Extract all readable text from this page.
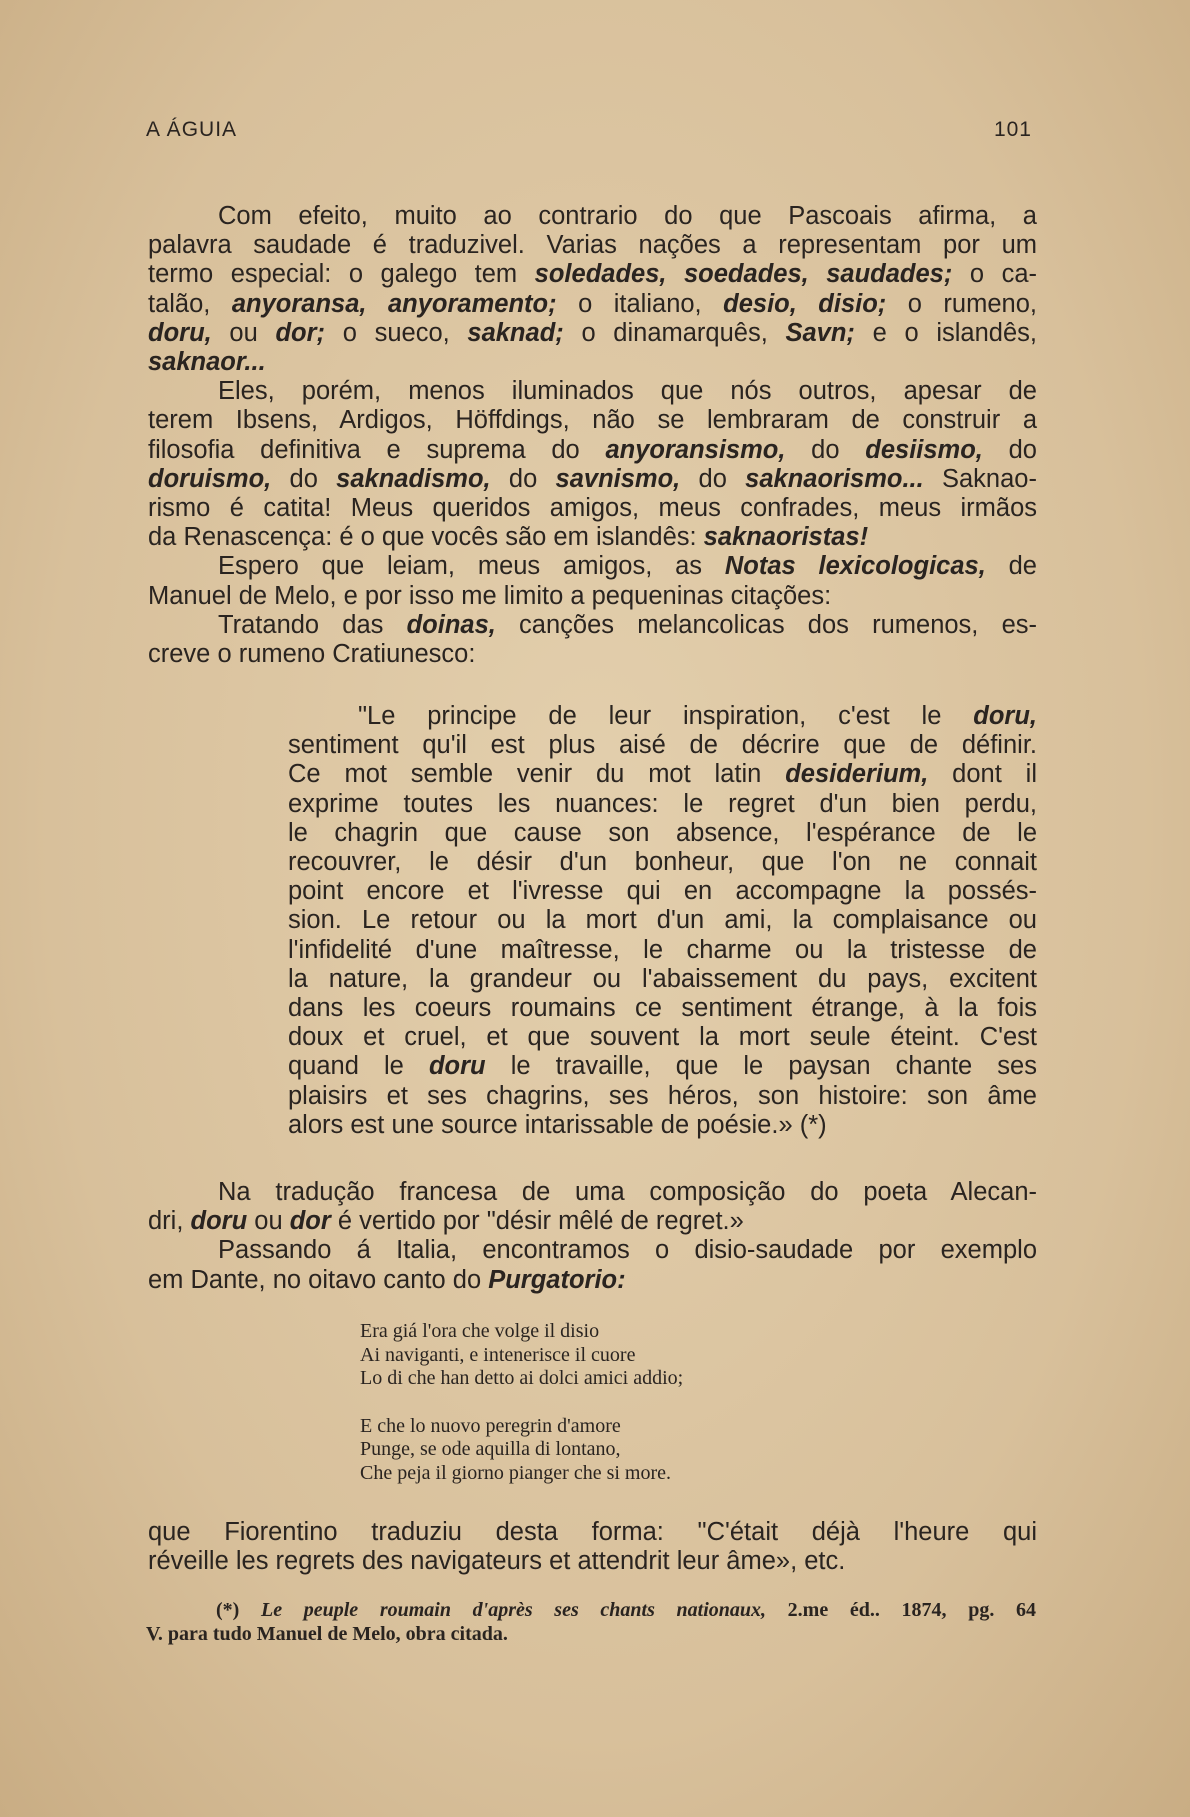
A ÁGUIA	101
Com efeito, muito ao contrario do que Pascoais afirma, a
palavra saudade é traduzivel. Varias nações a representam por um
termo especial: o galego tem soledades, soedades, saudades; o ca-
talão, anyoransa, anyoramento; o italiano, desio, disio; o rumeno,
doru, ou dor; o sueco, saknad; o dinamarquês, Savn; e o islandês,
saknaor...
Eles, porém, menos iluminados que nós outros, apesar de
terem Ibsens, Ardigos, Höffdings, não se lembraram de construir a
filosofia definitiva e suprema do anyoransismo, do desiismo, do
doruismo, do saknadismo, do savnismo, do saknaorismo... Saknao-
rismo é catita! Meus queridos amigos, meus confrades, meus irmãos
da Renascença: é o que vocês são em islandês: saknaoristas!
Espero que leiam, meus amigos, as Notas lexicologicas, de
Manuel de Melo, e por isso me limito a pequeninas citações:
Tratando das doinas, canções melancolicas dos rumenos, es-
creve o rumeno Cratiunesco:
"Le principe de leur inspiration, c'est le doru,
sentiment qu'il est plus aisé de décrire que de définir.
Ce mot semble venir du mot latin desiderium, dont il
exprime toutes les nuances: le regret d'un bien perdu,
le chagrin que cause son absence, l'espérance de le
recouvrer, le désir d'un bonheur, que l'on ne connait
point encore et l'ivresse qui en accompagne la possés-
sion. Le retour ou la mort d'un ami, la complaisance ou
l'infidelité d'une maîtresse, le charme ou la tristesse de
la nature, la grandeur ou l'abaissement du pays, excitent
dans les coeurs roumains ce sentiment étrange, à la fois
doux et cruel, et que souvent la mort seule éteint. C'est
quand le doru le travaille, que le paysan chante ses
plaisirs et ses chagrins, ses héros, son histoire: son âme
alors est une source intarissable de poésie.» (*)
Na tradução francesa de uma composição do poeta Alecan-
dri, doru ou dor é vertido por "désir mêlé de regret.»
Passando á Italia, encontramos o disio-saudade por exemplo
em Dante, no oitavo canto do Purgatorio:
Era giá l'ora che volge il disio
Ai naviganti, e intenerisce il cuore
Lo di che han detto ai dolci amici addio;
E che lo nuovo peregrin d'amore
Punge, se ode aquilla di lontano,
Che peja il giorno pianger che si more.
que Fiorentino traduziu desta forma: "C'était déjà l'heure qui
réveille les regrets des navigateurs et attendrit leur âme», etc.
(*) Le peuple roumain d'après ses chants nationaux, 2.me éd.. 1874, pg. 64
V. para tudo Manuel de Melo, obra citada.
